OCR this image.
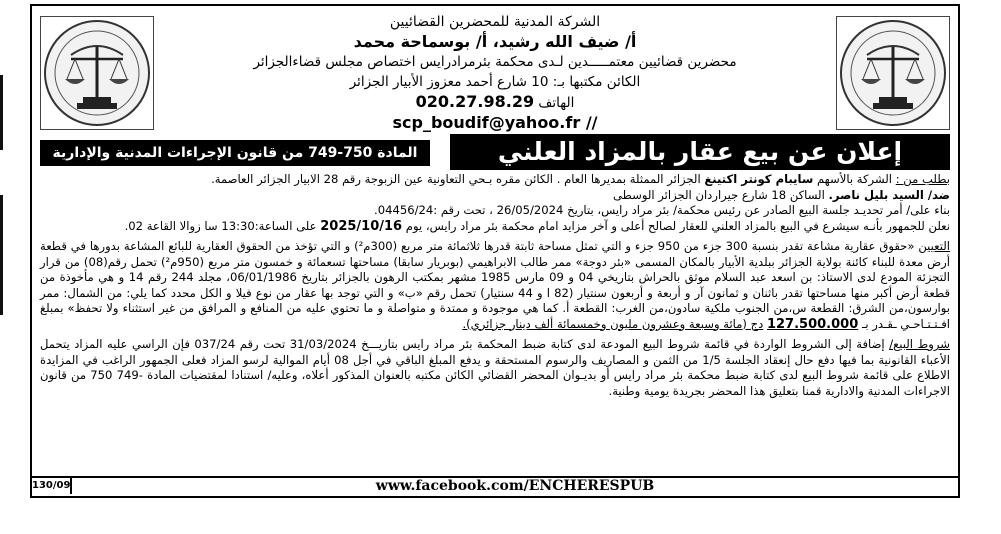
الشركة المدنية للمحضرين القضائيين
أ/ ضيف الله رشيد، أ/ بوسماحة محمد
محضرين قضائيين معتمـــــدين لـدى محكمة بئرمرادرايس اختصاص مجلس قضاءالجزائر
الكائن مكتبها بـ: 10 شارع أحمد معزوز الأبيار الجزائر
الهاتف 020.27.98.29
scp_boudif@yahoo.fr //
إعلان عن بيع عقار بالمزاد العلني
المادة 750-749 من قانون الإجراءات المدنية والإدارية

بطلب من : الشركة بالأسهم سايبام كونتر اكتينغ الجزائر الممثلة بمديرها العام . الكائن مقره بـحي التعاونية عين الزبوجة رقم 28 الابيار الجزائر العاصمة.

ضد/ السيد بليل ناصر. الساكن 18 شارع جيراردان الجزائر الوسطى

بناء على/ أمر تحديـد جلسة البيع الصادر عن رئيس محكمة/ بئر مراد رايس، بتاريخ 26/05/2024 ، تحت رقم :04456/24.

نعلن للجمهور بأنـه سيشرع في البيع بالمزاد العلني للعقار لصالح أعلى و آخر مزايد امام محكمة بئر مراد رايس، يوم 2025/10/16 على الساعة:13:30 سا زوالا القاعة 02.

التعيين «حقوق عقارية مشاعة تقدر بنسبة 300 جزء من 950 جزء و التي تمثل مساحة ثابتة قدرها ثلاثمائة متر مربع (300م²) و التي تؤخذ من الحقوق العقارية للبائع المشاعة بدورها في قطعة أرض معدة للبناء كائنة بولاية الجزائر ببلدية الأبيار بالمكان المسمى «بئر دوجة» ممر طالب الابراهيمي (بوبريار سابقا) مساحتها تسعمائة و خمسون متر مربع (950م²) تحمل رقم(08) من قرار التجزئة المودع لدى الاستاذ: بن اسعد عبد السلام موثق بالحراش بتاريخي 04 و 09 مارس 1985 مشهر بمكتب الرهون بالجزائر بتاريخ 06/01/1986، مجلد 244 رقم 14 و هي مأخوذة من قطعة أرض أكبر منها مساحتها تقدر باثنان و ثمانون آر و أربعة و أربعون سنتيار (82 ا و 44 سنتيار) تحمل رقم «ب» و التي توجد بها عقار من نوع فيلا و الكل محدد كما يلي: من الشمال: ممر بوارسون،من الشرق: القطعة س،من الجنوب ملكية سادون،من الغرب: القطعة أ. كما هي موجودة و ممتدة و متواصلة و ما تحتوي عليه من المنافع و المرافق من غير استثناء ولا تحفظ» بمبلغ افـتـتـاحـي ـقـدر بـ 127.500.000 دج (مائة وسبعة وعشرون مليون وخمسمائة ألف دينار جزائري).

شروط البيع/ إضافة إلى الشروط الواردة في قائمة شروط البيع المودعة لدى كتابة ضبط المحكمة بئر مراد رايس بتاريـــخ 31/03/2024 تحت رقم 037/24 فإن الراسي عليه المزاد يتحمل الأعباء القانونية بما فيها دفع حال إنعقاد الجلسة 1/5 من الثمن و المصاريف والرسوم المستحقة و يدفع المبلغ الباقي في أجل 08 أيام الموالية لرسو المزاد فعلى الجمهور الراغب في المزايدة الاطلاع على قائمة شروط البيع لدى كتابة ضبط محكمة بئر مراد رايس أو بديـوان المحضر القضائي الكائن مكتبه بالعنوان المذكور أعلاه، وعليه/ استنادا لمقتضيات المادة -749 750 من قانون الاجراءات المدنية والادارية قمنا بتعليق هذا المحضر بجريدة يومية وطنية.

130/09	www.facebook.com/ENCHERESPUB
